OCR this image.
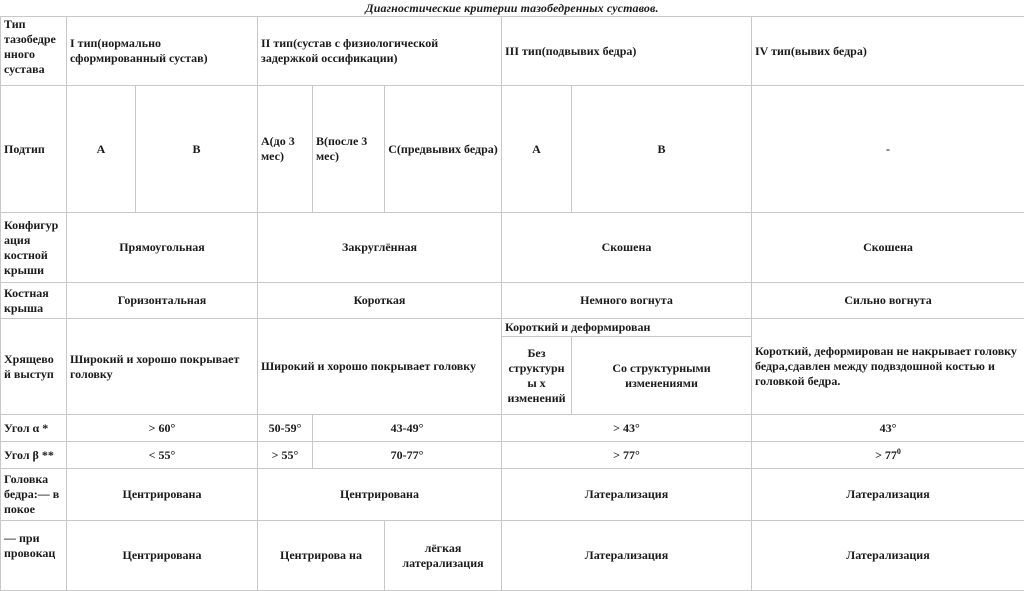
Диагностические критерии тазобедренных суставов.
Тип тазобедре нного сустава	I тип(нормально сформированный сустав)		II тип(сустав с физиологической задержкой оссификации)			III тип(подвывих бедра)		IV тип(вывих бедра)
Подтип	A	B	A(до 3 мес)	B(после 3 мес)	C(предвывих бедра)	A	B	-
Конфигур ация костной крыши	Прямоугольная		Закруглённая			Скошена		Скошена
Костная крыша	Горизонтальная		Короткая			Немного вогнута		Сильно вогнута
Хрящево й выступ	Широкий и хорошо покрывает головку		Широкий и хорошо покрывает головку			Короткий и деформирован		Короткий, деформирован не накрывает головку бедра,сдавлен между подвздошной костью и головкой бедра.
						Без структурны х изменений	Со структурными изменениями	
Угол α *	> 60°		50-59°	43-49°		> 43°		43°
Угол β **	< 55°		> 55°	70-77°		> 77°		> $77^0$
Головка бедра:— в покое	Центрирована		Центрирована			Латерализация		Латерализация

— при провокац	Центрирована		Центрирова на		лёгкая латерализация	Латерализация		Латерализация
